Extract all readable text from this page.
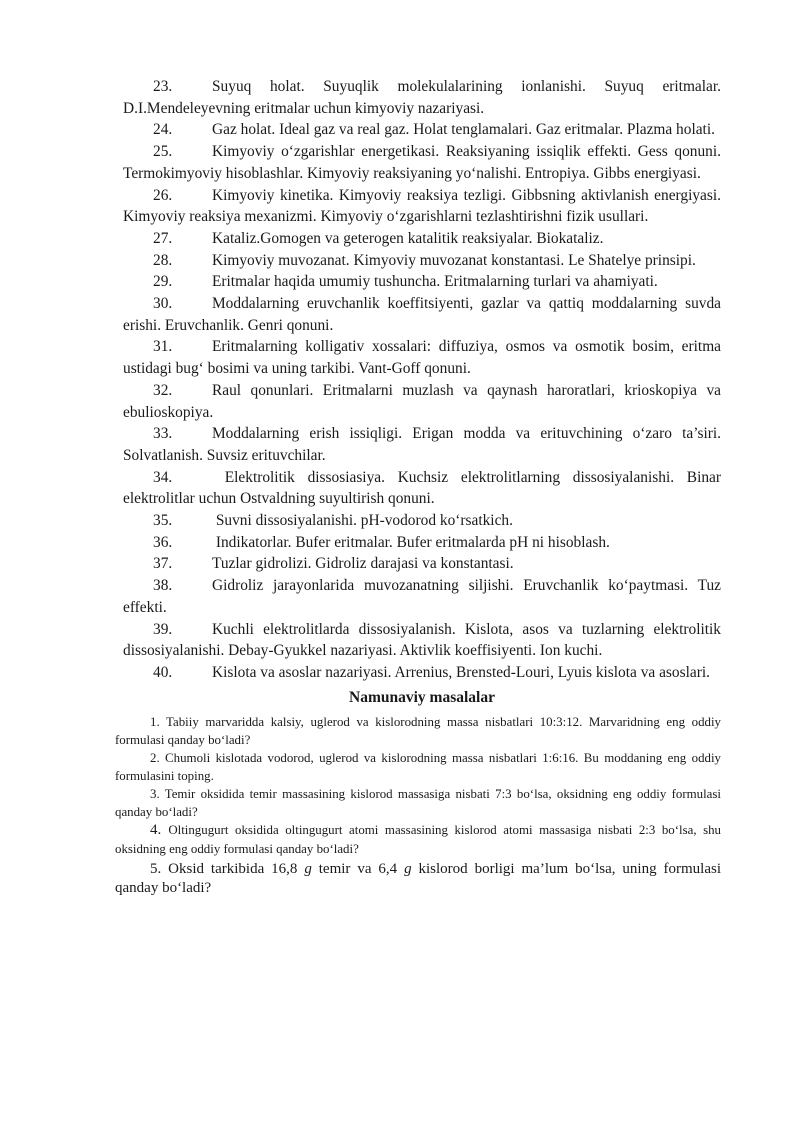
23.	Suyuq holat. Suyuqlik molekulalarining ionlanishi. Suyuq eritmalar. D.I.Mendeleyevning eritmalar uchun kimyoviy nazariyasi.

24.	Gaz holat. Ideal gaz va real gaz. Holat tenglamalari. Gaz eritmalar. Plazma holati.

25.	Kimyoviy o‘zgarishlar energetikasi. Reaksiyaning issiqlik effekti. Gess qonuni. Termokimyoviy hisoblashlar. Kimyoviy reaksiyaning yo‘nalishi. Entropiya. Gibbs energiyasi.

26.	Kimyoviy kinetika. Kimyoviy reaksiya tezligi. Gibbsning aktivlanish energiyasi. Kimyoviy reaksiya mexanizmi. Kimyoviy o‘zgarishlarni tezlashtirishni fizik usullari.

27.	Kataliz.Gomogen va geterogen katalitik reaksiyalar. Biokataliz.

28.	Kimyoviy muvozanat. Kimyoviy muvozanat konstantasi. Le Shatelye prinsipi.

29.	Eritmalar haqida umumiy tushuncha. Eritmalarning turlari va ahamiyati.

30.	Moddalarning eruvchanlik koeffitsiyenti, gazlar va qattiq moddalarning suvda erishi. Eruvchanlik. Genri qonuni.

31.	Eritmalarning kolligativ xossalari: diffuziya, osmos va osmotik bosim, eritma ustidagi bug‘ bosimi va uning tarkibi. Vant-Goff qonuni.

32.	Raul qonunlari. Eritmalarni muzlash va qaynash haroratlari, krioskopiya va ebulioskopiya.

33.	Moddalarning erish issiqligi. Erigan modda va erituvchining o‘zaro ta’siri. Solvatlanish. Suvsiz erituvchilar.

34.	Elektrolitik dissosiasiya. Kuchsiz elektrolitlarning dissosiyalanishi. Binar elektrolitlar uchun Ostvaldning suyultirish qonuni.

35.	Suvni dissosiyalanishi. pH-vodorod ko‘rsatkich.

36.	Indikatorlar. Bufer eritmalar. Bufer eritmalarda pH ni hisoblash.

37.	Tuzlar gidrolizi. Gidroliz darajasi va konstantasi.

38.	Gidroliz jarayonlarida muvozanatning siljishi. Eruvchanlik ko‘paytmasi. Tuz effekti.

39.	Kuchli elektrolitlarda dissosiyalanish. Kislota, asos va tuzlarning elektrolitik dissosiyalanishi. Debay-Gyukkel nazariyasi. Aktivlik koeffisiyenti. Ion kuchi.

40.	Kislota va asoslar nazariyasi. Arrenius, Brensted-Louri, Lyuis kislota va asoslari.

Namunaviy masalalar

1. Tabiiy marvaridda kalsiy, uglerod va kislorodning massa nisbatlari 10:3:12. Marvaridning eng oddiy formulasi qanday bo‘ladi?

2. Chumoli kislotada vodorod, uglerod va kislorodning massa nisbatlari 1:6:16. Bu moddaning eng oddiy formulasini toping.

3. Temir oksidida temir massasining kislorod massasiga nisbati 7:3 bo‘lsa, oksidning eng oddiy formulasi qanday bo‘ladi?

4. Oltingugurt oksidida oltingugurt atomi massasining kislorod atomi massasiga nisbati 2:3 bo‘lsa, shu oksidning eng oddiy formulasi qanday bo‘ladi?

5. Oksid tarkibida 16,8 g temir va 6,4 g kislorod borligi ma’lum bo‘lsa, uning formulasi qanday bo‘ladi?
